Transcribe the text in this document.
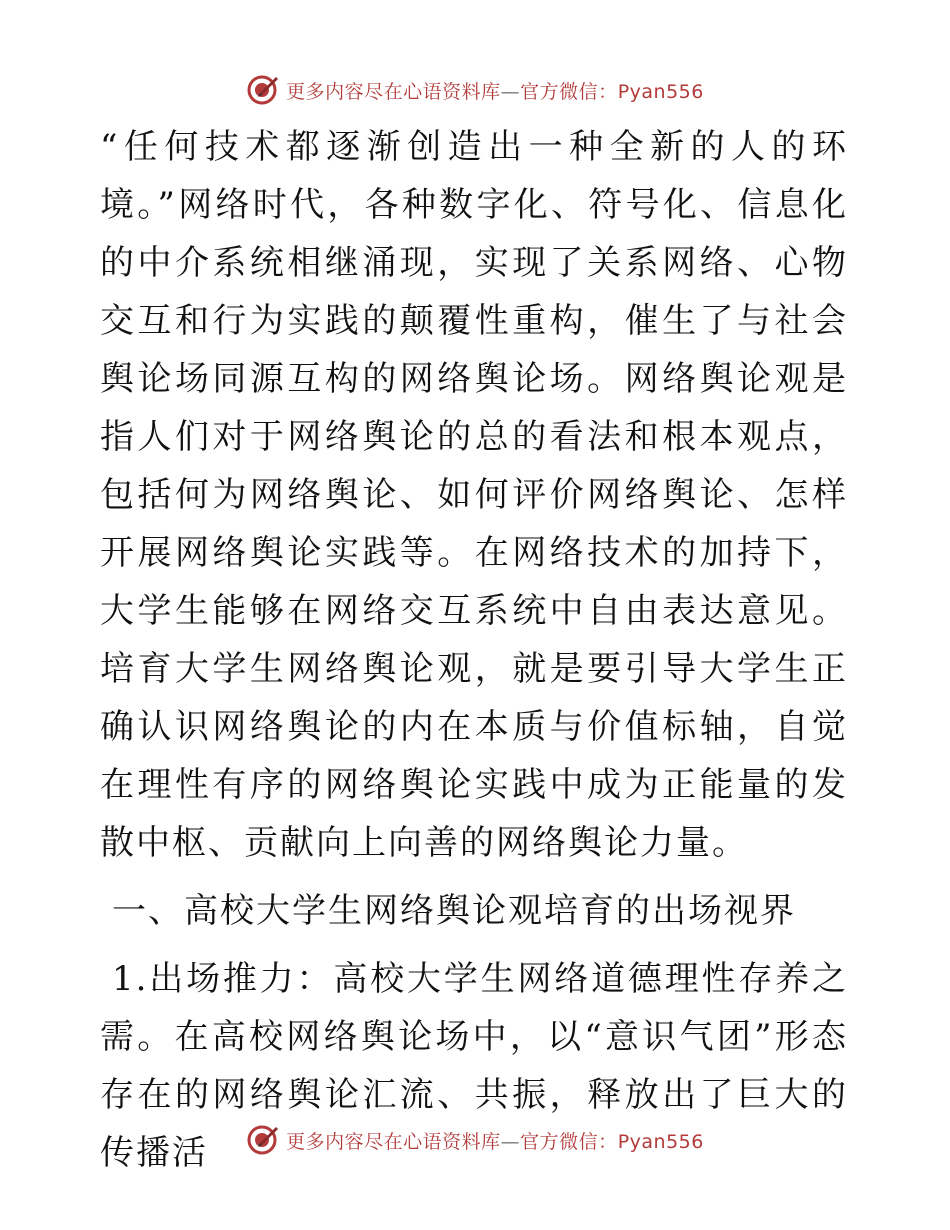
更多内容尽在心语资料库—官方微信：Pyan556

“任何技术都逐渐创造出一种全新的人的环境。”网络时代，各种数字化、符号化、信息化的中介系统相继涌现，实现了关系网络、心物交互和行为实践的颠覆性重构，催生了与社会舆论场同源互构的网络舆论场。网络舆论观是指人们对于网络舆论的总的看法和根本观点，包括何为网络舆论、如何评价网络舆论、怎样开展网络舆论实践等。在网络技术的加持下，大学生能够在网络交互系统中自由表达意见。培育大学生网络舆论观，就是要引导大学生正确认识网络舆论的内在本质与价值标轴，自觉在理性有序的网络舆论实践中成为正能量的发散中枢、贡献向上向善的网络舆论力量。

一、高校大学生网络舆论观培育的出场视界

1.出场推力：高校大学生网络道德理性存养之需。在高校网络舆论场中，以“意识气团”形态存在的网络舆论汇流、共振，释放出了巨大的传播活	更多内容尽在心语资料库—官方微信：Pyan556
